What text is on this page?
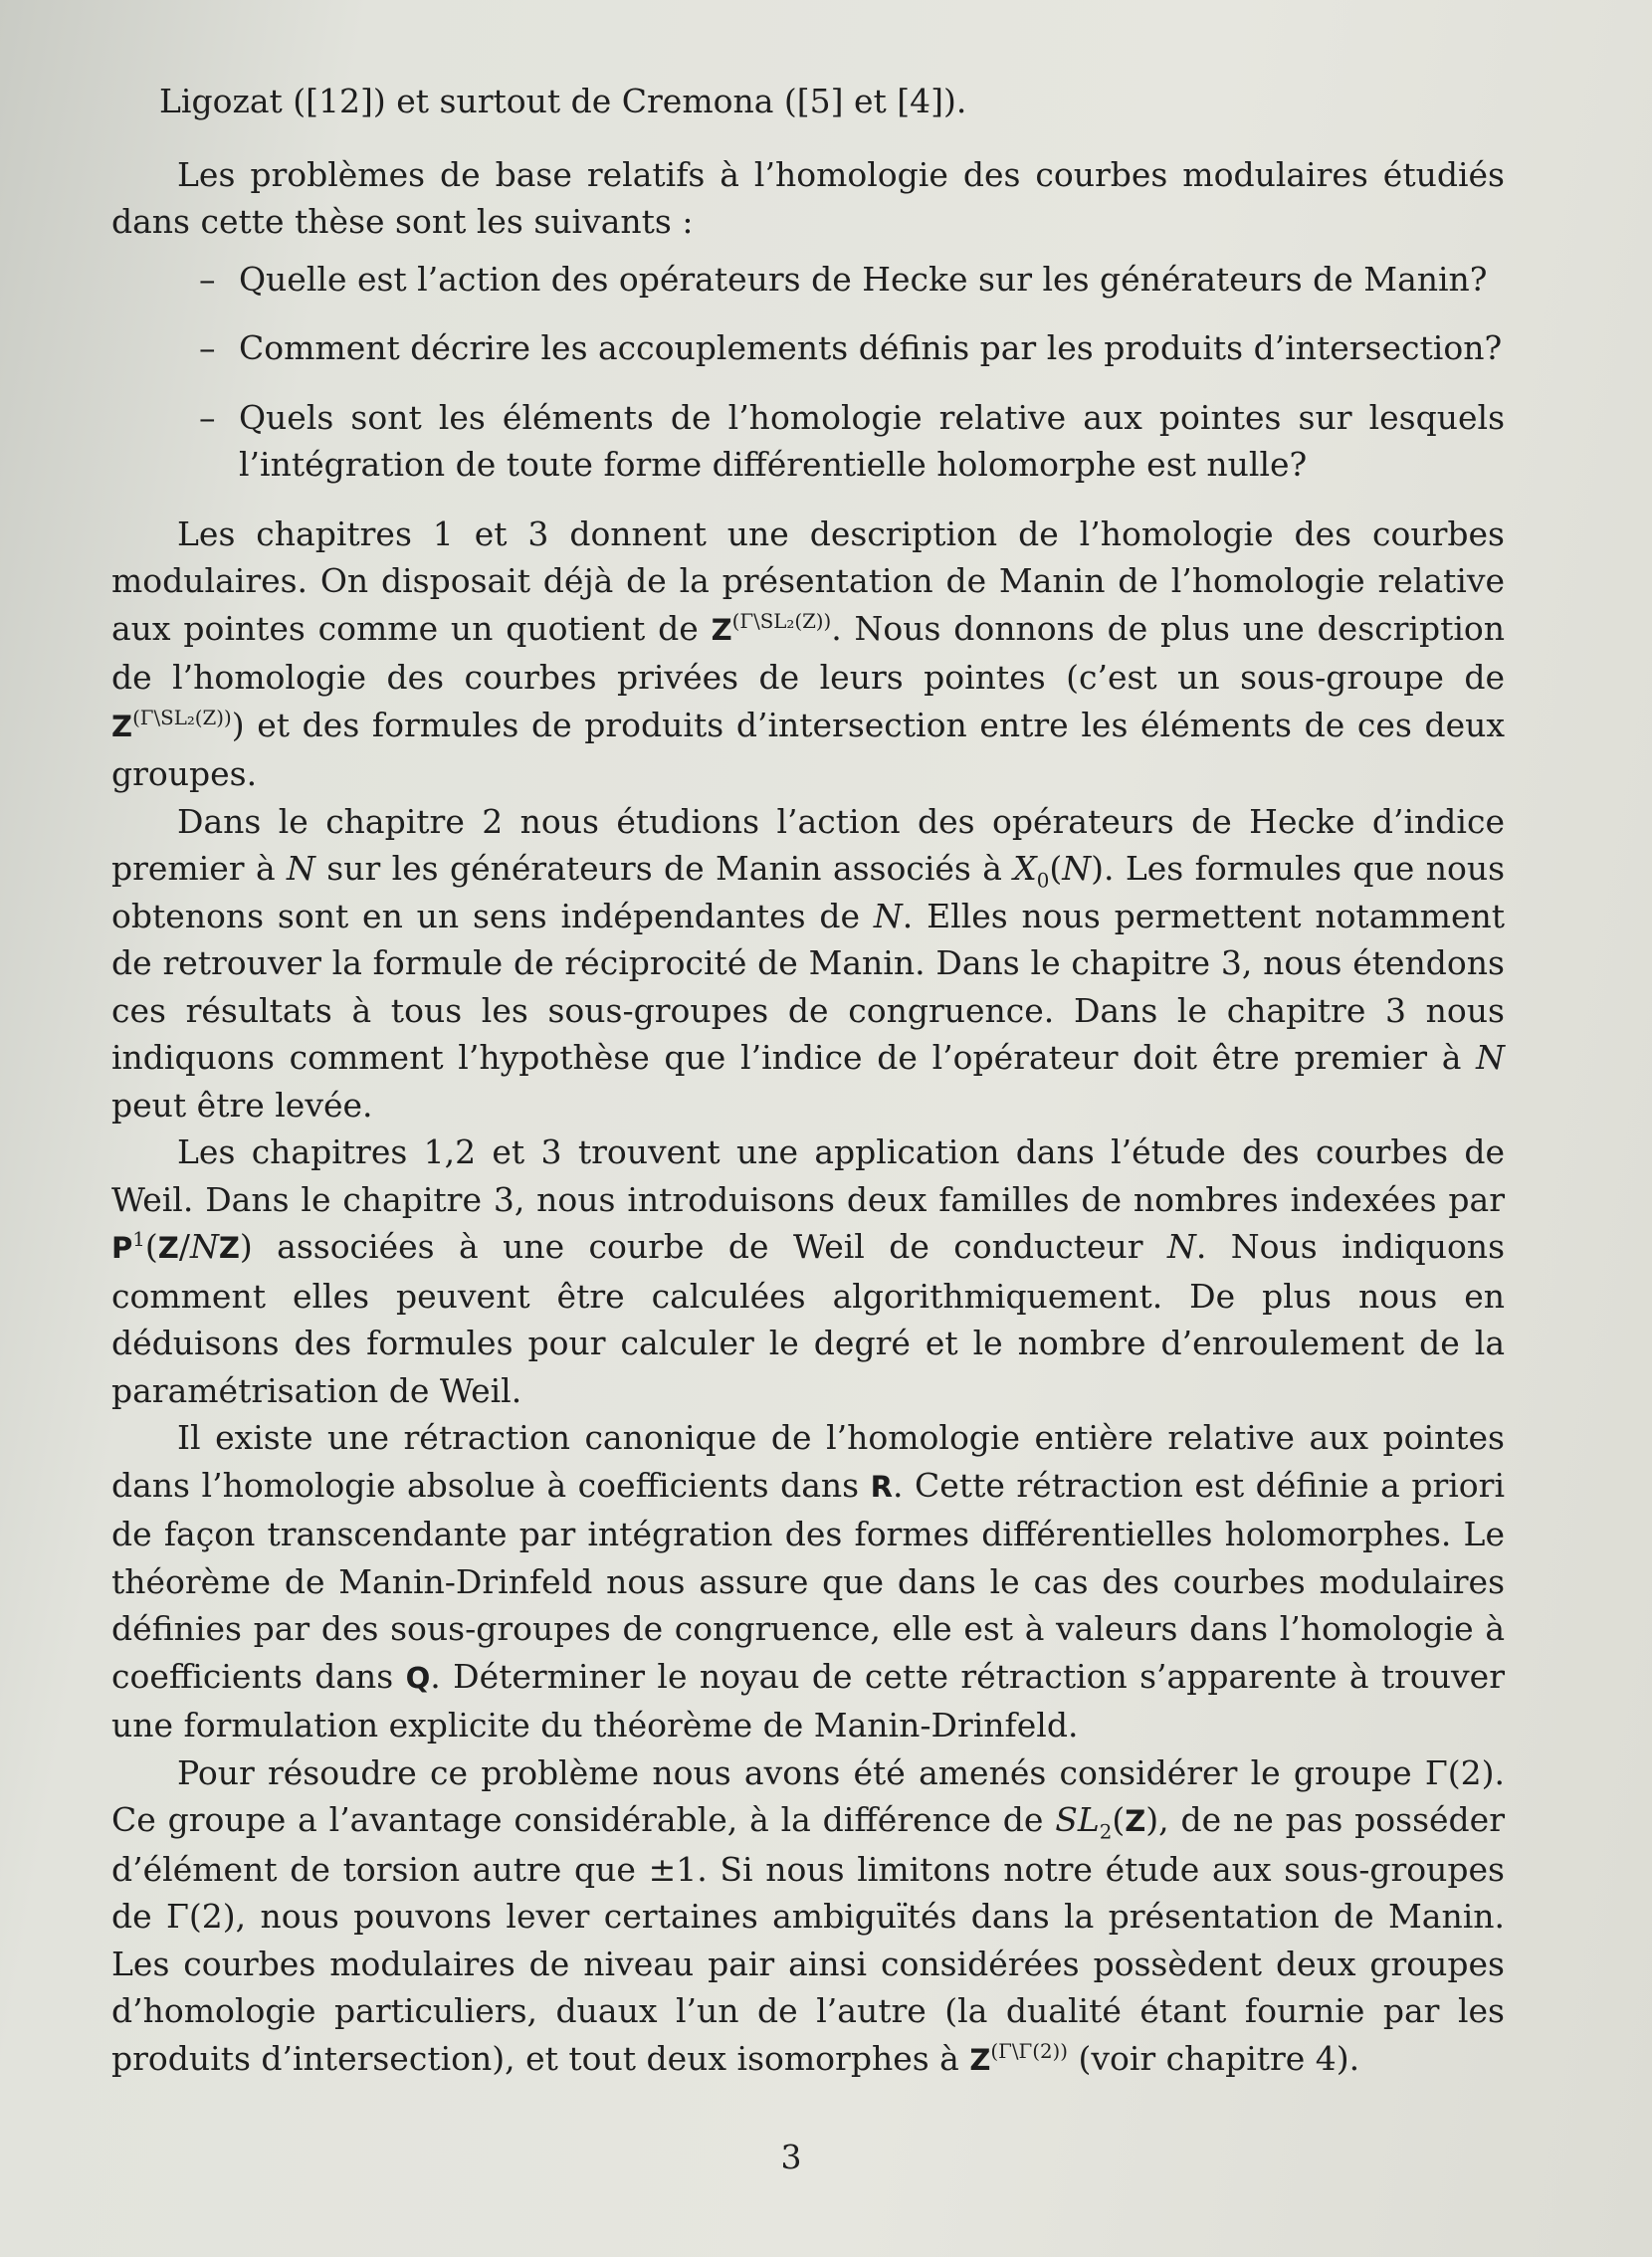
Ligozat ([12]) et surtout de Cremona ([5] et [4]).

Les problèmes de base relatifs à l’homologie des courbes modulaires étudiés dans cette thèse sont les suivants :

– Quelle est l’action des opérateurs de Hecke sur les générateurs de Manin?
– Comment décrire les accouplements définis par les produits d’intersection?
– Quels sont les éléments de l’homologie relative aux pointes sur lesquels l’intégration de toute forme différentielle holomorphe est nulle?

Les chapitres 1 et 3 donnent une description de l’homologie des courbes modulaires. On disposait déjà de la présentation de Manin de l’homologie relative aux pointes comme un quotient de $Z^{(\Gamma\backslash SL_2(Z))}$. Nous donnons de plus une description de l’homologie des courbes privées de leurs pointes (c’est un sous-groupe de $Z^{(\Gamma\backslash SL_2(Z))}$) et des formules de produits d’intersection entre les éléments de ces deux groupes.

Dans le chapitre 2 nous étudions l’action des opérateurs de Hecke d’indice premier à N sur les générateurs de Manin associés à $X_0(N)$. Les formules que nous obtenons sont en un sens indépendantes de N. Elles nous permettent notamment de retrouver la formule de réciprocité de Manin. Dans le chapitre 3, nous étendons ces résultats à tous les sous-groupes de congruence. Dans le chapitre 3 nous indiquons comment l’hypothèse que l’indice de l’opérateur doit être premier à N peut être levée.

Les chapitres 1,2 et 3 trouvent une application dans l’étude des courbes de Weil. Dans le chapitre 3, nous introduisons deux familles de nombres indexées par $P^1(Z/NZ)$ associées à une courbe de Weil de conducteur N. Nous indiquons comment elles peuvent être calculées algorithmiquement. De plus nous en déduisons des formules pour calculer le degré et le nombre d’enroulement de la paramétrisation de Weil.

Il existe une rétraction canonique de l’homologie entière relative aux pointes dans l’homologie absolue à coefficients dans R. Cette rétraction est définie a priori de façon transcendante par intégration des formes différentielles holomorphes. Le théorème de Manin-Drinfeld nous assure que dans le cas des courbes modulaires définies par des sous-groupes de congruence, elle est à valeurs dans l’homologie à coefficients dans Q. Déterminer le noyau de cette rétraction s’apparente à trouver une formulation explicite du théorème de Manin-Drinfeld.

Pour résoudre ce problème nous avons été amenés considérer le groupe Γ(2). Ce groupe a l’avantage considérable, à la différence de $SL_2(Z)$, de ne pas posséder d’élément de torsion autre que ±1. Si nous limitons notre étude aux sous-groupes de Γ(2), nous pouvons lever certaines ambiguïtés dans la présentation de Manin. Les courbes modulaires de niveau pair ainsi considérées possèdent deux groupes d’homologie particuliers, duaux l’un de l’autre (la dualité étant fournie par les produits d’intersection), et tout deux isomorphes à $Z^{(\Gamma\backslash\Gamma(2))}$ (voir chapitre 4).

3
